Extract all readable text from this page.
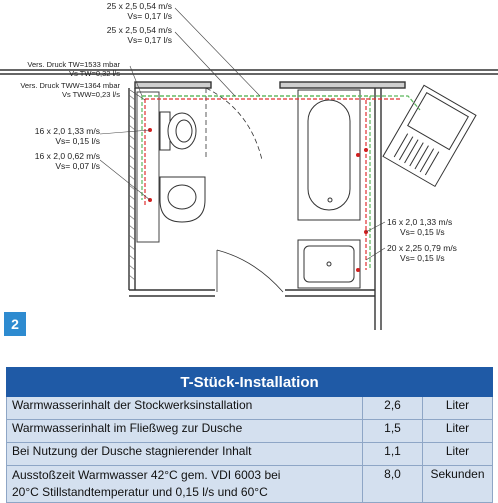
25 x 2,5 0,54 m/s
Vs= 0,17 l/s
25 x 2,5 0,54 m/s
Vs= 0,17 l/s
Vers. Druck TW=1533 mbar
Vs TW=0,32 l/s
Vers. Druck TWW=1364 mbar
Vs TWW=0,23 l/s
16 x 2,0 1,33 m/s
Vs= 0,15 l/s
16 x 2,0 0,62 m/s
Vs= 0,07 l/s
16 x 2,0 1,33 m/s
Vs= 0,15 l/s
20 x 2,25 0,79 m/s
Vs= 0,15 l/s
2
T-Stück-Installation		
Warmwasserinhalt der Stockwerksinstallation	2,6	Liter
Warmwasserinhalt im Fließweg zur Dusche	1,5	Liter
Bei Nutzung der Dusche stagnierender Inhalt	1,1	Liter
Ausstoßzeit Warmwasser 42°C gem. VDI 6003 bei
20°C Stillstandtemperatur und 0,15 l/s und 60°C	8,0	Sekunden
